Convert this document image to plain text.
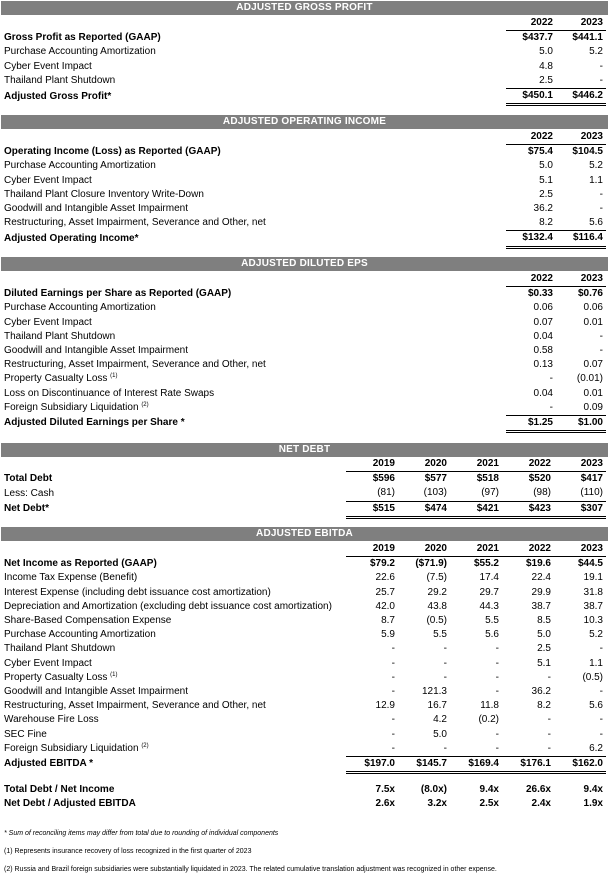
ADJUSTED GROSS PROFIT
	2022	2023
Gross Profit as Reported (GAAP)	$437.7	$441.1
Purchase Accounting Amortization	5.0	5.2
Cyber Event Impact	4.8	-
Thailand Plant Shutdown	2.5	-
Adjusted Gross Profit*	$450.1	$446.2
ADJUSTED OPERATING INCOME
	2022	2023
Operating Income (Loss) as Reported (GAAP)	$75.4	$104.5
Purchase Accounting Amortization	5.0	5.2
Cyber Event Impact	5.1	1.1
Thailand Plant Closure Inventory Write-Down	2.5	-
Goodwill and Intangible Asset Impairment	36.2	-
Restructuring, Asset Impairment, Severance and Other, net	8.2	5.6
Adjusted Operating Income*	$132.4	$116.4
ADJUSTED DILUTED EPS
	2022	2023
Diluted Earnings per Share as Reported (GAAP)	$0.33	$0.76
Purchase Accounting Amortization	0.06	0.06
Cyber Event Impact	0.07	0.01
Thailand Plant Shutdown	0.04	-
Goodwill and Intangible Asset Impairment	0.58	-
Restructuring, Asset Impairment, Severance and Other, net	0.13	0.07
Property Casualty Loss $^{(1)}$	-	(0.01)
Loss on Discontinuance of Interest Rate Swaps	0.04	0.01
Foreign Subsidiary Liquidation $^{(2)}$	-	0.09
Adjusted Diluted Earnings per Share *	$1.25	$1.00
NET DEBT
	2019	2020	2021	2022	2023
Total Debt	$596	$577	$518	$520	$417
Less: Cash	(81)	(103)	(97)	(98)	(110)
Net Debt*	$515	$474	$421	$423	$307
ADJUSTED EBITDA
	2019	2020	2021	2022	2023
Net Income as Reported (GAAP)	$79.2	($71.9)	$55.2	$19.6	$44.5
Income Tax Expense (Benefit)	22.6	(7.5)	17.4	22.4	19.1
Interest Expense (including debt issuance cost amortization)	25.7	29.2	29.7	29.9	31.8
Depreciation and Amortization (excluding debt issuance cost amortization)	42.0	43.8	44.3	38.7	38.7
Share-Based Compensation Expense	8.7	(0.5)	5.5	8.5	10.3
Purchase Accounting Amortization	5.9	5.5	5.6	5.0	5.2
Thailand Plant Shutdown	-	-	-	2.5	-
Cyber Event Impact	-	-	-	5.1	1.1
Property Casualty Loss $^{(1)}$	-	-	-	-	(0.5)
Goodwill and Intangible Asset Impairment	-	121.3	-	36.2	-
Restructuring, Asset Impairment, Severance and Other, net	12.9	16.7	11.8	8.2	5.6
Warehouse Fire Loss	-	4.2	(0.2)	-	-
SEC Fine	-	5.0	-	-	-
Foreign Subsidiary Liquidation $^{(2)}$	-	-	-	-	6.2
Adjusted EBITDA *	$197.0	$145.7	$169.4	$176.1	$162.0

Total Debt / Net Income	7.5x	(8.0x)	9.4x	26.6x	9.4x
Net Debt / Adjusted EBITDA	2.6x	3.2x	2.5x	2.4x	1.9x
* Sum of reconciling items may differ from total due to rounding of individual components
(1) Represents insurance recovery of loss recognized in the first quarter of 2023
(2) Russia and Brazil foreign subsidiaries were substantially liquidated in 2023. The related cumulative translation adjustment was recognized in other expense.
